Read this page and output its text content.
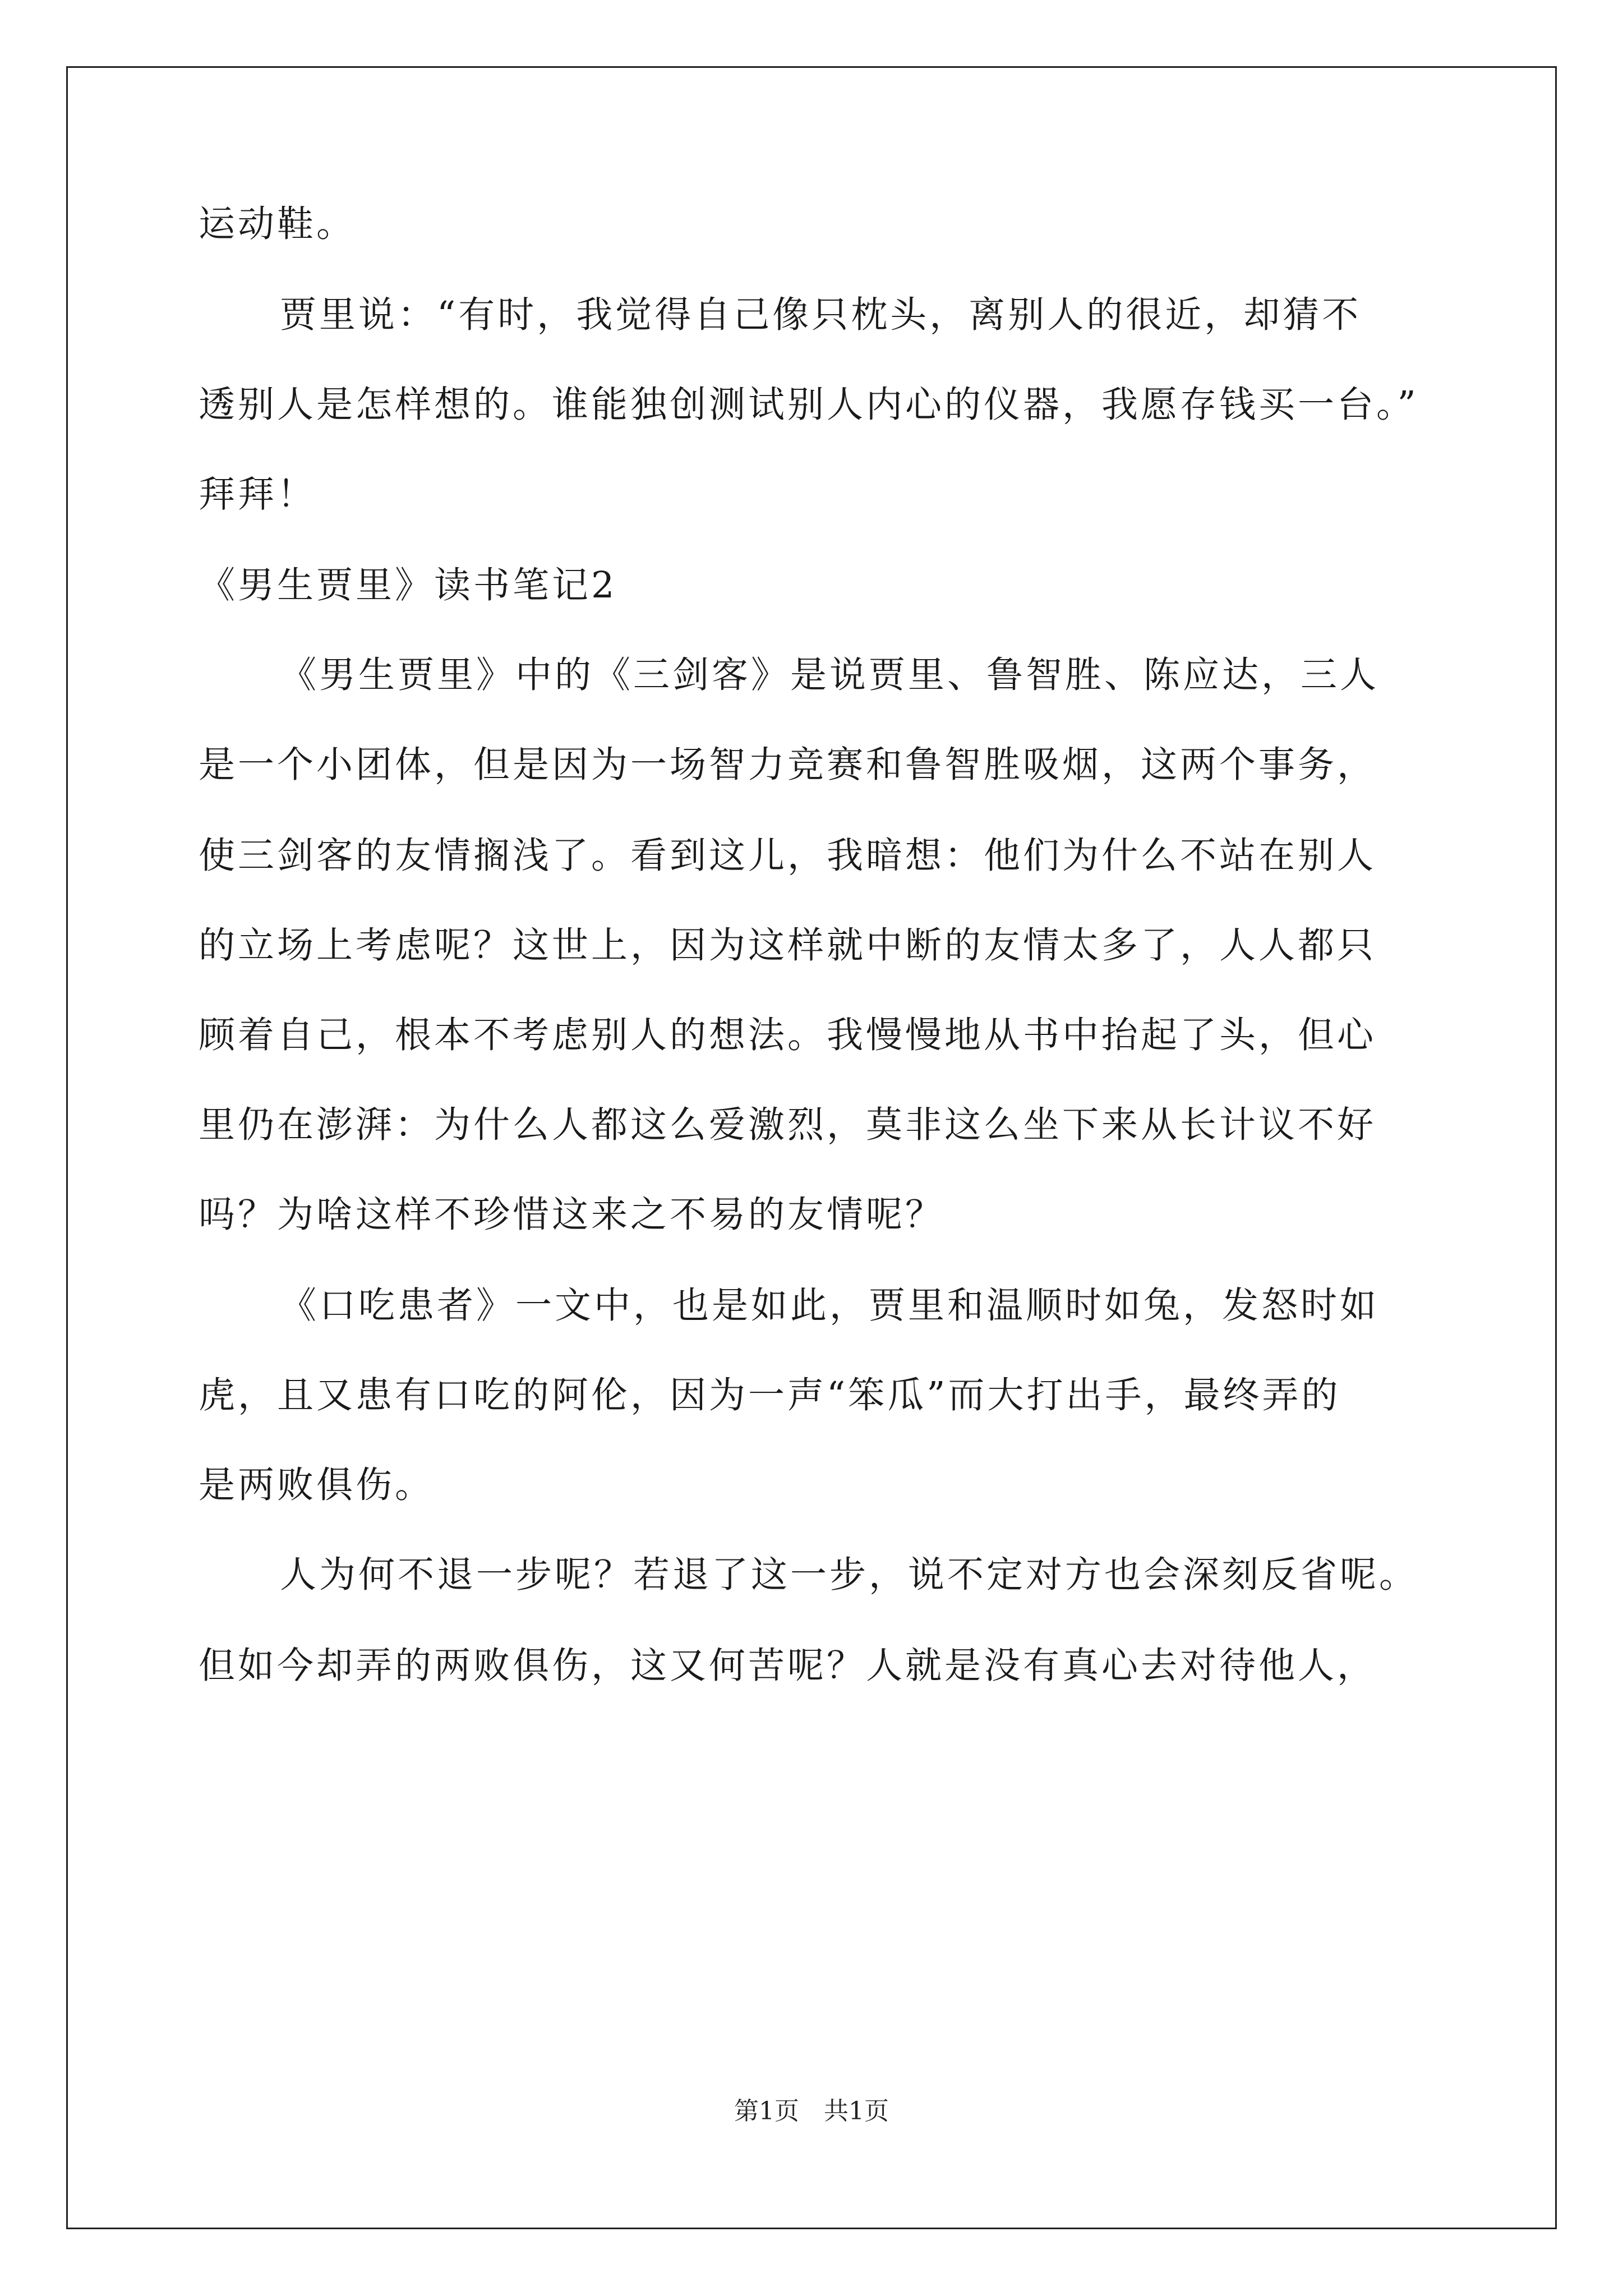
运动鞋。
贾里说：“有时，我觉得自己像只枕头，离别人的很近，却猜不
透别人是怎样想的。谁能独创测试别人内心的仪器，我愿存钱买一台。”
拜拜！
《男生贾里》读书笔记2
《男生贾里》中的《三剑客》是说贾里、鲁智胜、陈应达，三人
是一个小团体，但是因为一场智力竞赛和鲁智胜吸烟，这两个事务，
使三剑客的友情搁浅了。看到这儿，我暗想：他们为什么不站在别人
的立场上考虑呢？这世上，因为这样就中断的友情太多了，人人都只
顾着自己，根本不考虑别人的想法。我慢慢地从书中抬起了头，但心
里仍在澎湃：为什么人都这么爱激烈，莫非这么坐下来从长计议不好
吗？为啥这样不珍惜这来之不易的友情呢？
《口吃患者》一文中，也是如此，贾里和温顺时如兔，发怒时如
虎，且又患有口吃的阿伦，因为一声“笨瓜”而大打出手，最终弄的
是两败俱伤。
人为何不退一步呢？若退了这一步，说不定对方也会深刻反省呢。
但如今却弄的两败俱伤，这又何苦呢？人就是没有真心去对待他人，
第1页　共1页
